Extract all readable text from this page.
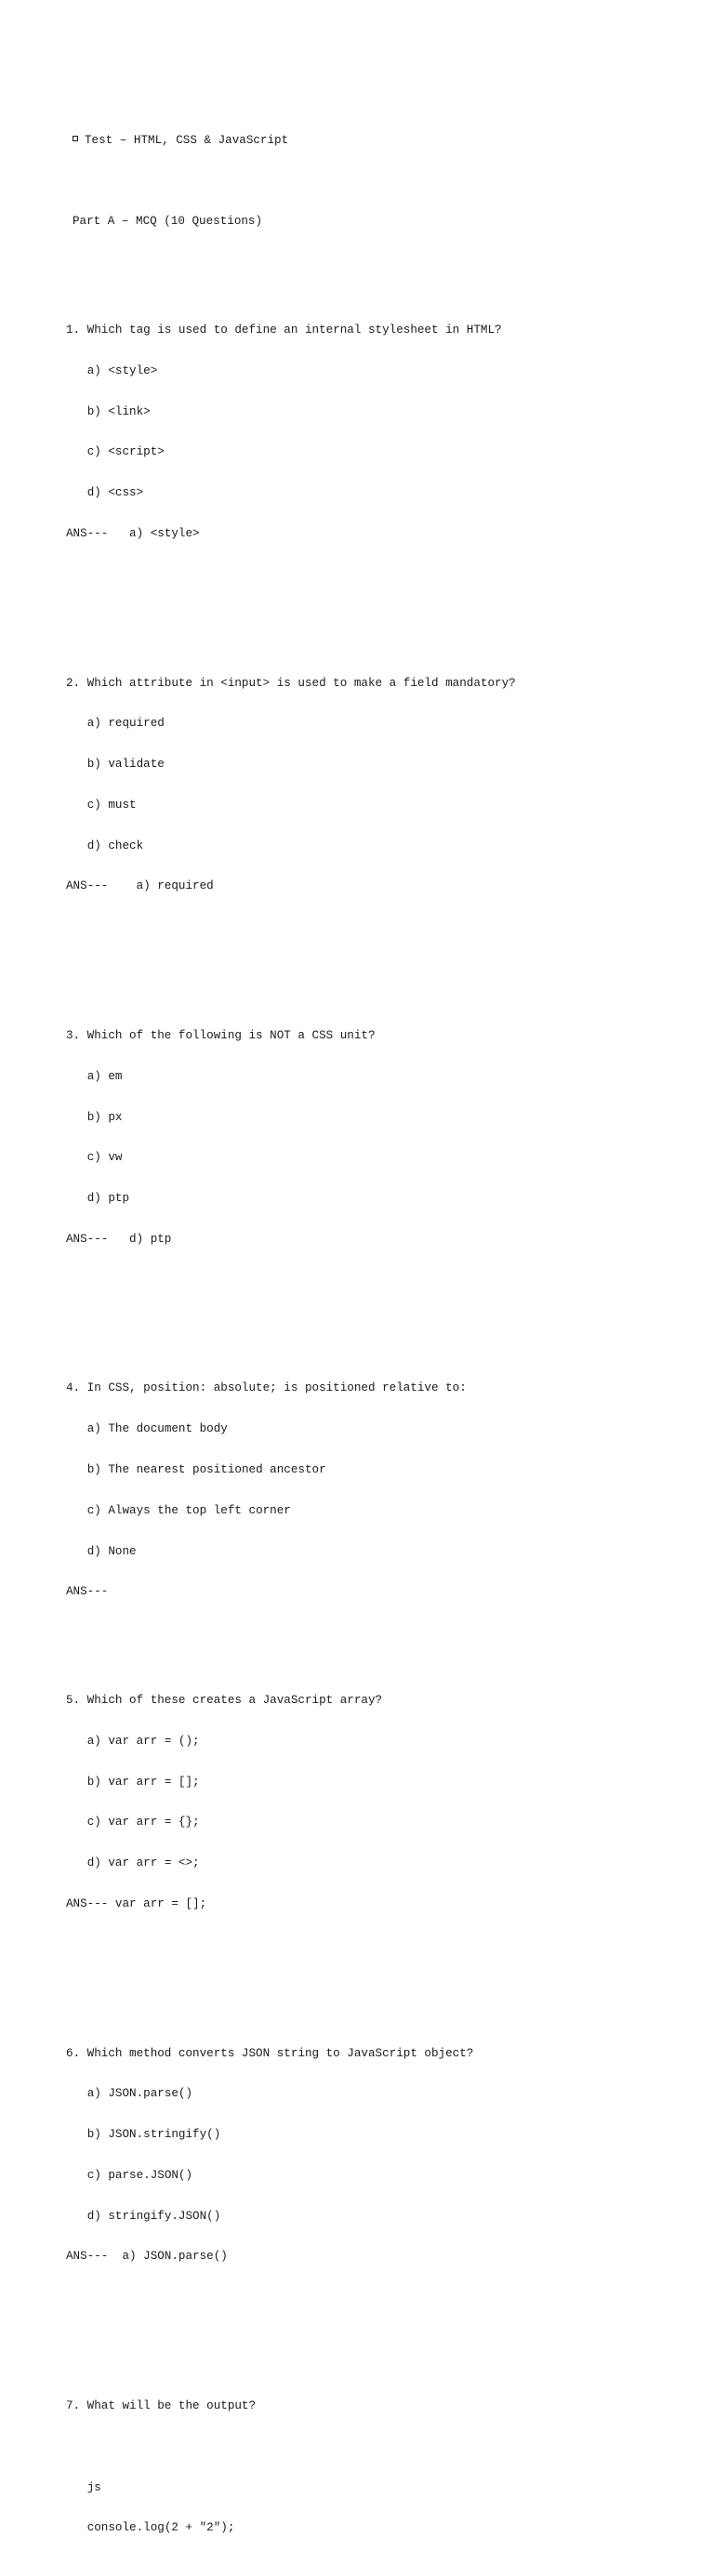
Test – HTML, CSS & JavaScript

Part A – MCQ (10 Questions)

1. Which tag is used to define an internal stylesheet in HTML?

a) <style>

b) <link>

c) <script>

d) <css>

ANS---   a) <style>

2. Which attribute in <input> is used to make a field mandatory?

a) required

b) validate

c) must

d) check

ANS---    a) required

3. Which of the following is NOT a CSS unit?

a) em

b) px

c) vw

d) ptp

ANS---   d) ptp

4. In CSS, position: absolute; is positioned relative to:

a) The document body

b) The nearest positioned ancestor

c) Always the top left corner

d) None

ANS---

5. Which of these creates a JavaScript array?

a) var arr = ();

b) var arr = [];

c) var arr = {};

d) var arr = <>;

ANS--- var arr = [];

6. Which method converts JSON string to JavaScript object?

a) JSON.parse()

b) JSON.stringify()

c) parse.JSON()

d) stringify.JSON()

ANS---  a) JSON.parse()

7. What will be the output?

js

console.log(2 + "2");
